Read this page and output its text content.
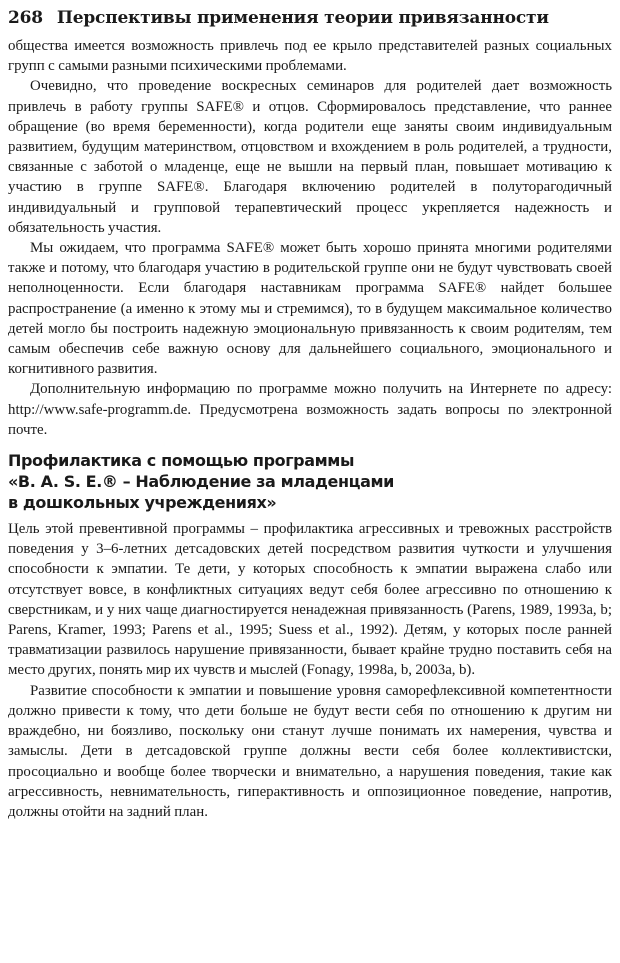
268 Перспективы применения теории привязанности

общества имеется возможность привлечь под ее крыло представителей разных социальных групп с самыми разными психическими проблемами.

Очевидно, что проведение воскресных семинаров для родителей дает возможность привлечь в работу группы SAFE® и отцов. Сформировалось представление, что раннее обращение (во время беременности), когда родители еще заняты своим индивидуальным развитием, будущим материнством, отцовством и вхождением в роль родителей, а трудности, связанные с заботой о младенце, еще не вышли на первый план, повышает мотивацию к участию в группе SAFE®. Благодаря включению родителей в полуторагодичный индивидуальный и групповой терапевтический процесс укрепляется надежность и обязательность участия.

Мы ожидаем, что программа SAFE® может быть хорошо принята многими родителями также и потому, что благодаря участию в родительской группе они не будут чувствовать своей неполноценности. Если благодаря наставникам программа SAFE® найдет большее распространение (а именно к этому мы и стремимся), то в будущем максимальное количество детей могло бы построить надежную эмоциональную привязанность к своим родителям, тем самым обеспечив себе важную основу для дальнейшего социального, эмоционального и когнитивного развития.

Дополнительную информацию по программе можно получить на Интернете по адресу: http://www.safe-programm.de. Предусмотрена возможность задать вопросы по электронной почте.

Профилактика с помощью программы
«B. A. S. E.® – Наблюдение за младенцами
в дошкольных учреждениях»

Цель этой превентивной программы – профилактика агрессивных и тревожных расстройств поведения у 3–6-летних детсадовских детей посредством развития чуткости и улучшения способности к эмпатии. Те дети, у которых способность к эмпатии выражена слабо или отсутствует вовсе, в конфликтных ситуациях ведут себя более агрессивно по отношению к сверстникам, и у них чаще диагностируется ненадежная привязанность (Parens, 1989, 1993a, b; Parens, Kramer, 1993; Parens et al., 1995; Suess et al., 1992). Детям, у которых после ранней травматизации развилось нарушение привязанности, бывает крайне трудно поставить себя на место других, понять мир их чувств и мыслей (Fonagy, 1998a, b, 2003a, b).

Развитие способности к эмпатии и повышение уровня саморефлексивной компетентности должно привести к тому, что дети больше не будут вести себя по отношению к другим ни враждебно, ни боязливо, поскольку они станут лучше понимать их намерения, чувства и замыслы. Дети в детсадовской группе должны вести себя более коллективистски, просоциально и вообще более творчески и внимательно, а нарушения поведения, такие как агрессивность, невнимательность, гиперактивность и оппозиционное поведение, напротив, должны отойти на задний план.
